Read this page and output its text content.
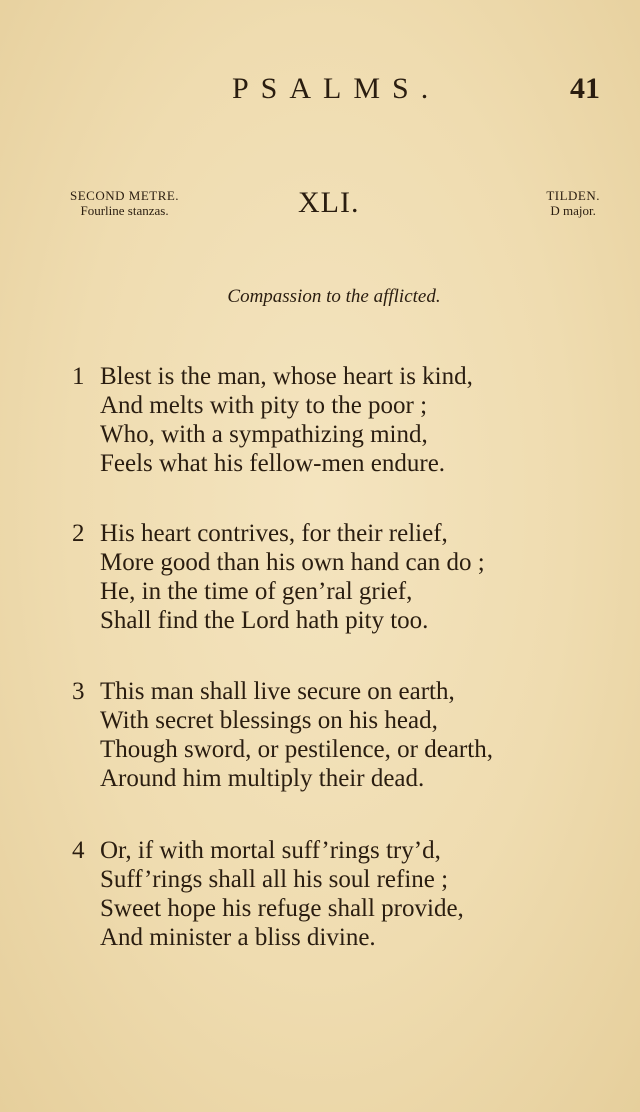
PSALMS.	41
SECOND METRE.
Fourline stanzas.	XLI.	TILDEN.
D major.
Compassion to the afflicted.
1 Blest is the man, whose heart is kind,
And melts with pity to the poor ;
Who, with a sympathizing mind,
Feels what his fellow-men endure.
2 His heart contrives, for their relief,
More good than his own hand can do ;
He, in the time of gen’ral grief,
Shall find the Lord hath pity too.
3 This man shall live secure on earth,
With secret blessings on his head,
Though sword, or pestilence, or dearth,
Around him multiply their dead.
4 Or, if with mortal suff’rings try’d,
Suff’rings shall all his soul refine ;
Sweet hope his refuge shall provide,
And minister a bliss divine.
